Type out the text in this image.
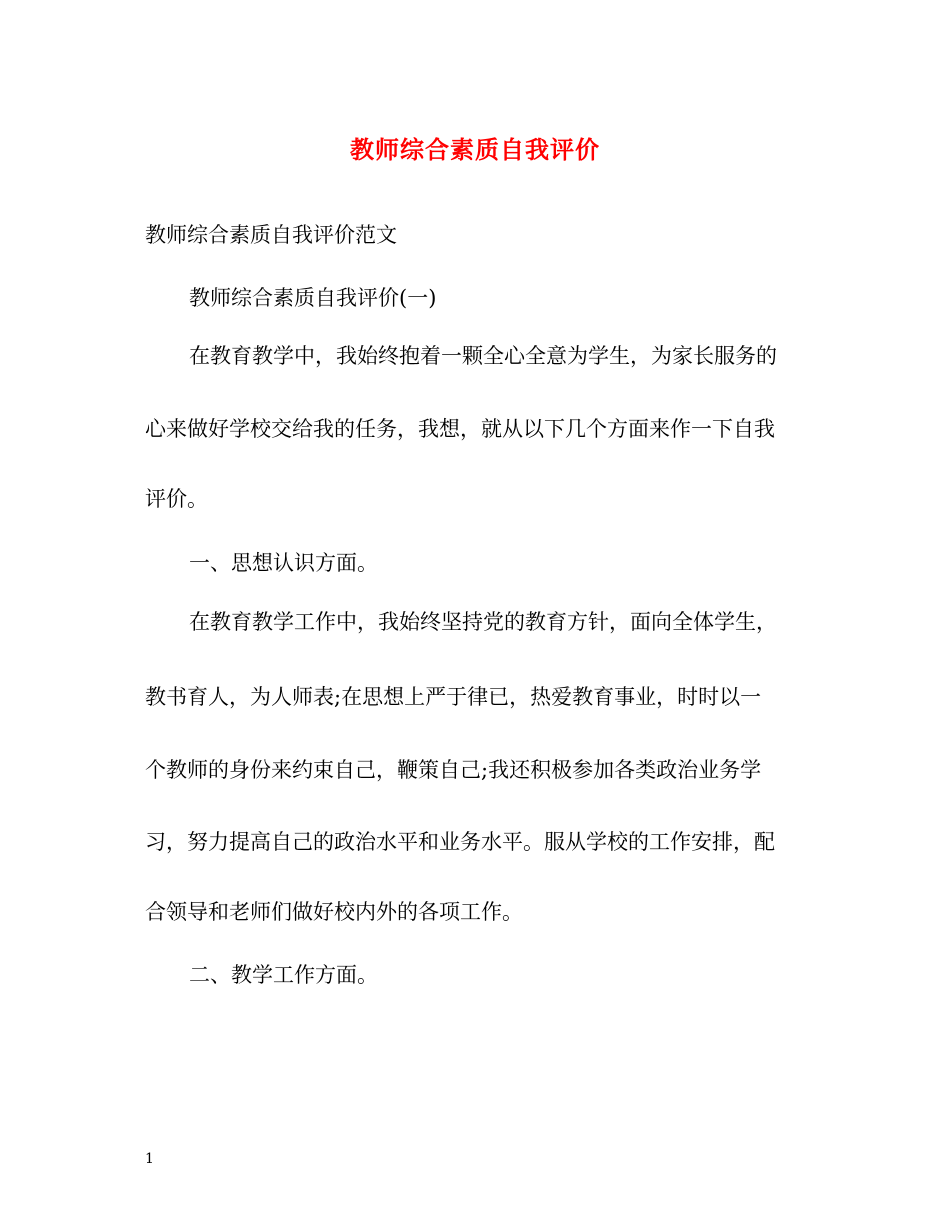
教师综合素质自我评价
教师综合素质自我评价范文
教师综合素质自我评价(一)
在教育教学中，我始终抱着一颗全心全意为学生，为家长服务的
心来做好学校交给我的任务，我想，就从以下几个方面来作一下自我
评价。
一、思想认识方面。
在教育教学工作中，我始终坚持党的教育方针，面向全体学生，
教书育人，为人师表;在思想上严于律已，热爱教育事业，时时以一
个教师的身份来约束自己，鞭策自己;我还积极参加各类政治业务学
习，努力提高自己的政治水平和业务水平。服从学校的工作安排，配
合领导和老师们做好校内外的各项工作。
二、教学工作方面。
1
